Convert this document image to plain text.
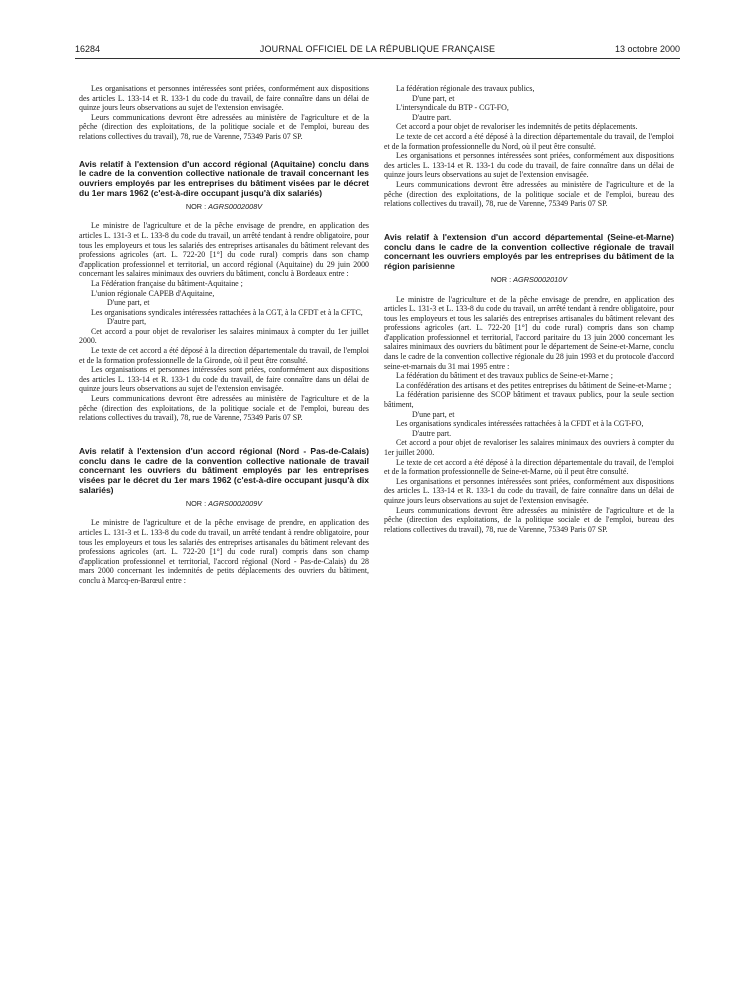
16284	JOURNAL OFFICIEL DE LA RÉPUBLIQUE FRANÇAISE	13 octobre 2000

Les organisations et personnes intéressées sont priées, conformément aux dispositions des articles L. 133-14 et R. 133-1 du code du travail, de faire connaître dans un délai de quinze jours leurs observations au sujet de l'extension envisagée.

Leurs communications devront être adressées au ministère de l'agriculture et de la pêche (direction des exploitations, de la politique sociale et de l'emploi, bureau des relations collectives du travail), 78, rue de Varenne, 75349 Paris 07 SP.

Avis relatif à l'extension d'un accord régional (Aquitaine) conclu dans le cadre de la convention collective nationale de travail concernant les ouvriers employés par les entreprises du bâtiment visées par le décret du 1er mars 1962 (c'est-à-dire occupant jusqu'à dix salariés)
NOR : AGRS0002008V

Le ministre de l'agriculture et de la pêche envisage de prendre, en application des articles L. 131-3 et L. 133-8 du code du travail, un arrêté tendant à rendre obligatoire, pour tous les employeurs et tous les salariés des entreprises artisanales du bâtiment relevant des professions agricoles (art. L. 722-20 [1°] du code rural) compris dans son champ d'application professionnel et territorial, un accord régional (Aquitaine) du 29 juin 2000 concernant les salaires minimaux des ouvriers du bâtiment, conclu à Bordeaux entre :

La Fédération française du bâtiment-Aquitaine ;

L'union régionale CAPEB d'Aquitaine,

D'une part, et

Les organisations syndicales intéressées rattachées à la CGT, à la CFDT et à la CFTC,

D'autre part,

Cet accord a pour objet de revaloriser les salaires minimaux à compter du 1er juillet 2000.

Le texte de cet accord a été déposé à la direction départementale du travail, de l'emploi et de la formation professionnelle de la Gironde, où il peut être consulté.

Les organisations et personnes intéressées sont priées, conformément aux dispositions des articles L. 133-14 et R. 133-1 du code du travail, de faire connaître dans un délai de quinze jours leurs observations au sujet de l'extension envisagée.

Leurs communications devront être adressées au ministère de l'agriculture et de la pêche (direction des exploitations, de la politique sociale et de l'emploi, bureau des relations collectives du travail), 78, rue de Varenne, 75349 Paris 07 SP.

Avis relatif à l'extension d'un accord régional (Nord - Pas-de-Calais) conclu dans le cadre de la convention collective nationale de travail concernant les ouvriers du bâtiment employés par les entreprises visées par le décret du 1er mars 1962 (c'est-à-dire occupant jusqu'à dix salariés)
NOR : AGRS0002009V

Le ministre de l'agriculture et de la pêche envisage de prendre, en application des articles L. 131-3 et L. 133-8 du code du travail, un arrêté tendant à rendre obligatoire, pour tous les employeurs et tous les salariés des entreprises artisanales du bâtiment relevant des professions agricoles (art. L. 722-20 [1°] du code rural) compris dans son champ d'application professionnel et territorial, l'accord régional (Nord - Pas-de-Calais) du 28 mars 2000 concernant les indemnités de petits déplacements des ouvriers du bâtiment, conclu à Marcq-en-Barœul entre :

La fédération régionale des travaux publics,

D'une part, et

L'intersyndicale du BTP - CGT-FO,

D'autre part.

Cet accord a pour objet de revaloriser les indemnités de petits déplacements.

Le texte de cet accord a été déposé à la direction départementale du travail, de l'emploi et de la formation professionnelle du Nord, où il peut être consulté.

Les organisations et personnes intéressées sont priées, conformément aux dispositions des articles L. 133-14 et R. 133-1 du code du travail, de faire connaître dans un délai de quinze jours leurs observations au sujet de l'extension envisagée.

Leurs communications devront être adressées au ministère de l'agriculture et de la pêche (direction des exploitations, de la politique sociale et de l'emploi, bureau des relations collectives du travail), 78, rue de Varenne, 75349 Paris 07 SP.

Avis relatif à l'extension d'un accord départemental (Seine-et-Marne) conclu dans le cadre de la convention collective régionale de travail concernant les ouvriers employés par les entreprises du bâtiment de la région parisienne
NOR : AGRS0002010V

Le ministre de l'agriculture et de la pêche envisage de prendre, en application des articles L. 131-3 et L. 133-8 du code du travail, un arrêté tendant à rendre obligatoire, pour tous les employeurs et tous les salariés des entreprises artisanales du bâtiment relevant des professions agricoles (art. L. 722-20 [1°] du code rural) compris dans son champ d'application professionnel et territorial, l'accord paritaire du 13 juin 2000 concernant les salaires minimaux des ouvriers du bâtiment pour le département de Seine-et-Marne, conclu dans le cadre de la convention collective régionale du 28 juin 1993 et du protocole d'accord seine-et-marnais du 31 mai 1995 entre :

La fédération du bâtiment et des travaux publics de Seine-et-Marne ;

La confédération des artisans et des petites entreprises du bâtiment de Seine-et-Marne ;

La fédération parisienne des SCOP bâtiment et travaux publics, pour la seule section bâtiment,

D'une part, et

Les organisations syndicales intéressées rattachées à la CFDT et à la CGT-FO,

D'autre part.

Cet accord a pour objet de revaloriser les salaires minimaux des ouvriers à compter du 1er juillet 2000.

Le texte de cet accord a été déposé à la direction départementale du travail, de l'emploi et de la formation professionnelle de Seine-et-Marne, où il peut être consulté.

Les organisations et personnes intéressées sont priées, conformément aux dispositions des articles L. 133-14 et R. 133-1 du code du travail, de faire connaître dans un délai de quinze jours leurs observations au sujet de l'extension envisagée.

Leurs communications devront être adressées au ministère de l'agriculture et de la pêche (direction des exploitations, de la politique sociale et de l'emploi, bureau des relations collectives du travail), 78, rue de Varenne, 75349 Paris 07 SP.
